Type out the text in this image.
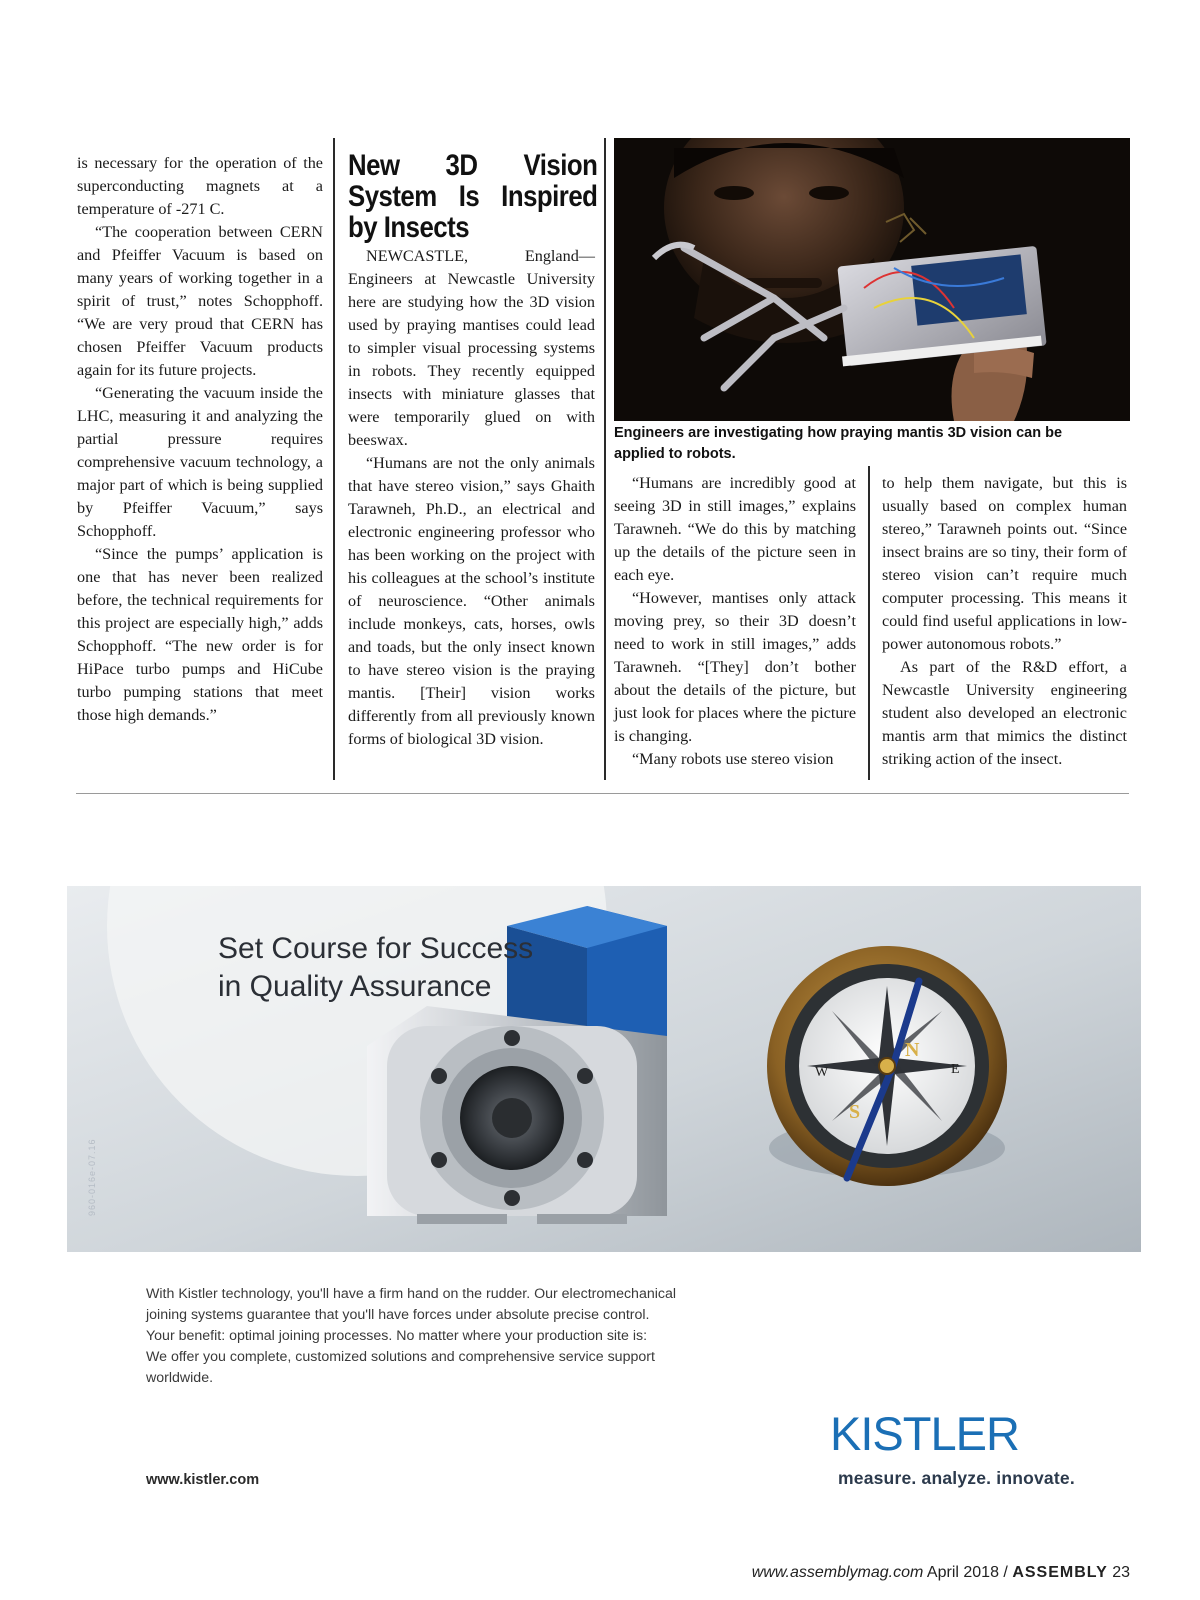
is necessary for the operation of the superconducting magnets at a temperature of -271 C.

“The cooperation between CERN and Pfeiffer Vacuum is based on many years of working together in a spirit of trust,” notes Schopphoff. “We are very proud that CERN has chosen Pfeiffer Vacuum products again for its future projects.

“Generating the vacuum inside the LHC, measuring it and analyzing the partial pressure requires comprehensive vacuum technology, a major part of which is being supplied by Pfeiffer Vacuum,” says Schopphoff.

“Since the pumps’ application is one that has never been realized before, the technical requirements for this project are especially high,” adds Schopphoff. “The new order is for HiPace turbo pumps and HiCube turbo pumping stations that meet those high demands.”

New 3D Vision System Is Inspired by Insects

NEWCASTLE, England—Engineers at Newcastle University here are studying how the 3D vision used by praying mantises could lead to simpler visual processing systems in robots. They recently equipped insects with miniature glasses that were temporarily glued on with beeswax.

“Humans are not the only animals that have stereo vision,” says Ghaith Tarawneh, Ph.D., an electrical and electronic engineering professor who has been working on the project with his colleagues at the school’s institute of neuroscience. “Other animals include monkeys, cats, horses, owls and toads, but the only insect known to have stereo vision is the praying mantis. [Their] vision works differently from all previously known forms of biological 3D vision.

Engineers are investigating how praying mantis 3D vision can be applied to robots.

“Humans are incredibly good at seeing 3D in still images,” explains Tarawneh. “We do this by matching up the details of the picture seen in each eye.

“However, mantises only attack moving prey, so their 3D doesn’t need to work in still images,” adds Tarawneh. “[They] don’t bother about the details of the picture, but just look for places where the picture is changing.

“Many robots use stereo vision

to help them navigate, but this is usually based on complex human stereo,” Tarawneh points out. “Since insect brains are so tiny, their form of stereo vision can’t require much computer processing. This means it could find useful applications in low-power autonomous robots.”

As part of the R&D effort, a Newcastle University engineering student also developed an electronic mantis arm that mimics the distinct striking action of the insect.

N
S
E
W
Set Course for Success
in Quality Assurance
960-016e-07.16
With Kistler technology, you'll have a firm hand on the rudder. Our electromechanical
joining systems guarantee that you'll have forces under absolute precise control.
Your benefit: optimal joining processes. No matter where your production site is:
We offer you complete, customized solutions and comprehensive service support
worldwide.
www.kistler.com
KISTLER
measure. analyze. innovate.
www.assemblymag.com April 2018 / ASSEMBLY 23
